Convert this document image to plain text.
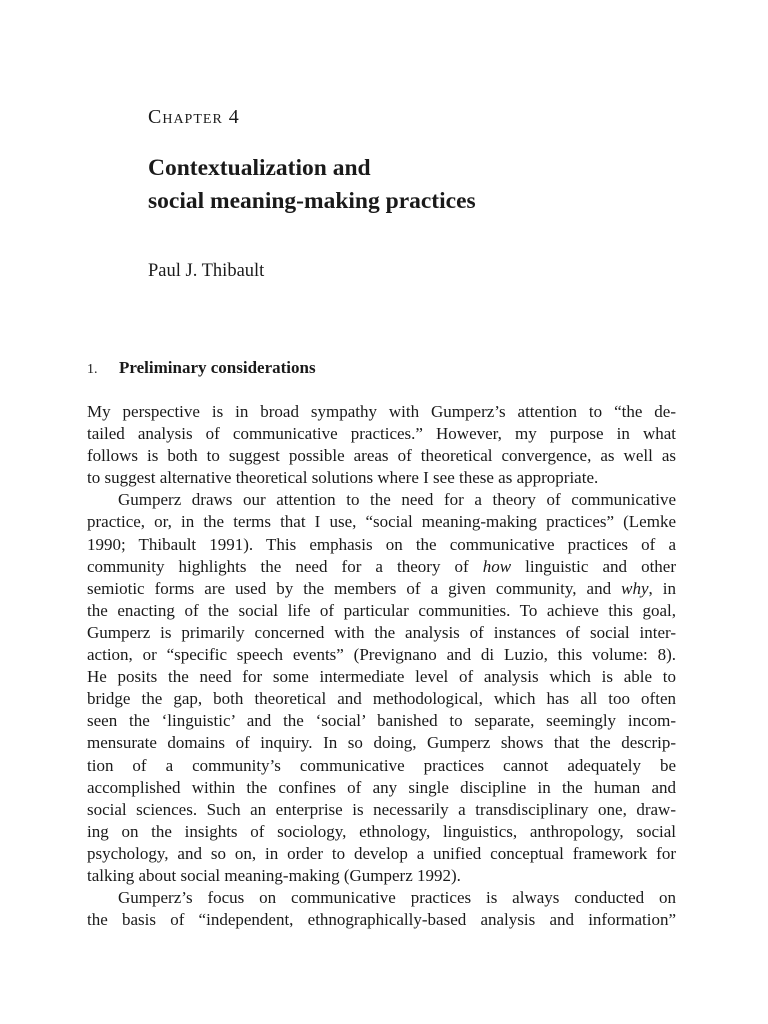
Chapter 4
Contextualization and
social meaning-making practices
Paul J. Thibault
1. Preliminary considerations
My perspective is in broad sympathy with Gumperz’s attention to “the de-
tailed analysis of communicative practices.” However, my purpose in what
follows is both to suggest possible areas of theoretical convergence, as well as
to suggest alternative theoretical solutions where I see these as appropriate.
Gumperz draws our attention to the need for a theory of communicative
practice, or, in the terms that I use, “social meaning-making practices” (Lemke
1990; Thibault 1991). This emphasis on the communicative practices of a
community highlights the need for a theory of how linguistic and other
semiotic forms are used by the members of a given community, and why, in
the enacting of the social life of particular communities. To achieve this goal,
Gumperz is primarily concerned with the analysis of instances of social inter-
action, or “specific speech events” (Prevignano and di Luzio, this volume: 8).
He posits the need for some intermediate level of analysis which is able to
bridge the gap, both theoretical and methodological, which has all too often
seen the ‘linguistic’ and the ‘social’ banished to separate, seemingly incom-
mensurate domains of inquiry. In so doing, Gumperz shows that the descrip-
tion of a community’s communicative practices cannot adequately be
accomplished within the confines of any single discipline in the human and
social sciences. Such an enterprise is necessarily a transdisciplinary one, draw-
ing on the insights of sociology, ethnology, linguistics, anthropology, social
psychology, and so on, in order to develop a unified conceptual framework for
talking about social meaning-making (Gumperz 1992).
Gumperz’s focus on communicative practices is always conducted on
the basis of “independent, ethnographically-based analysis and information”
